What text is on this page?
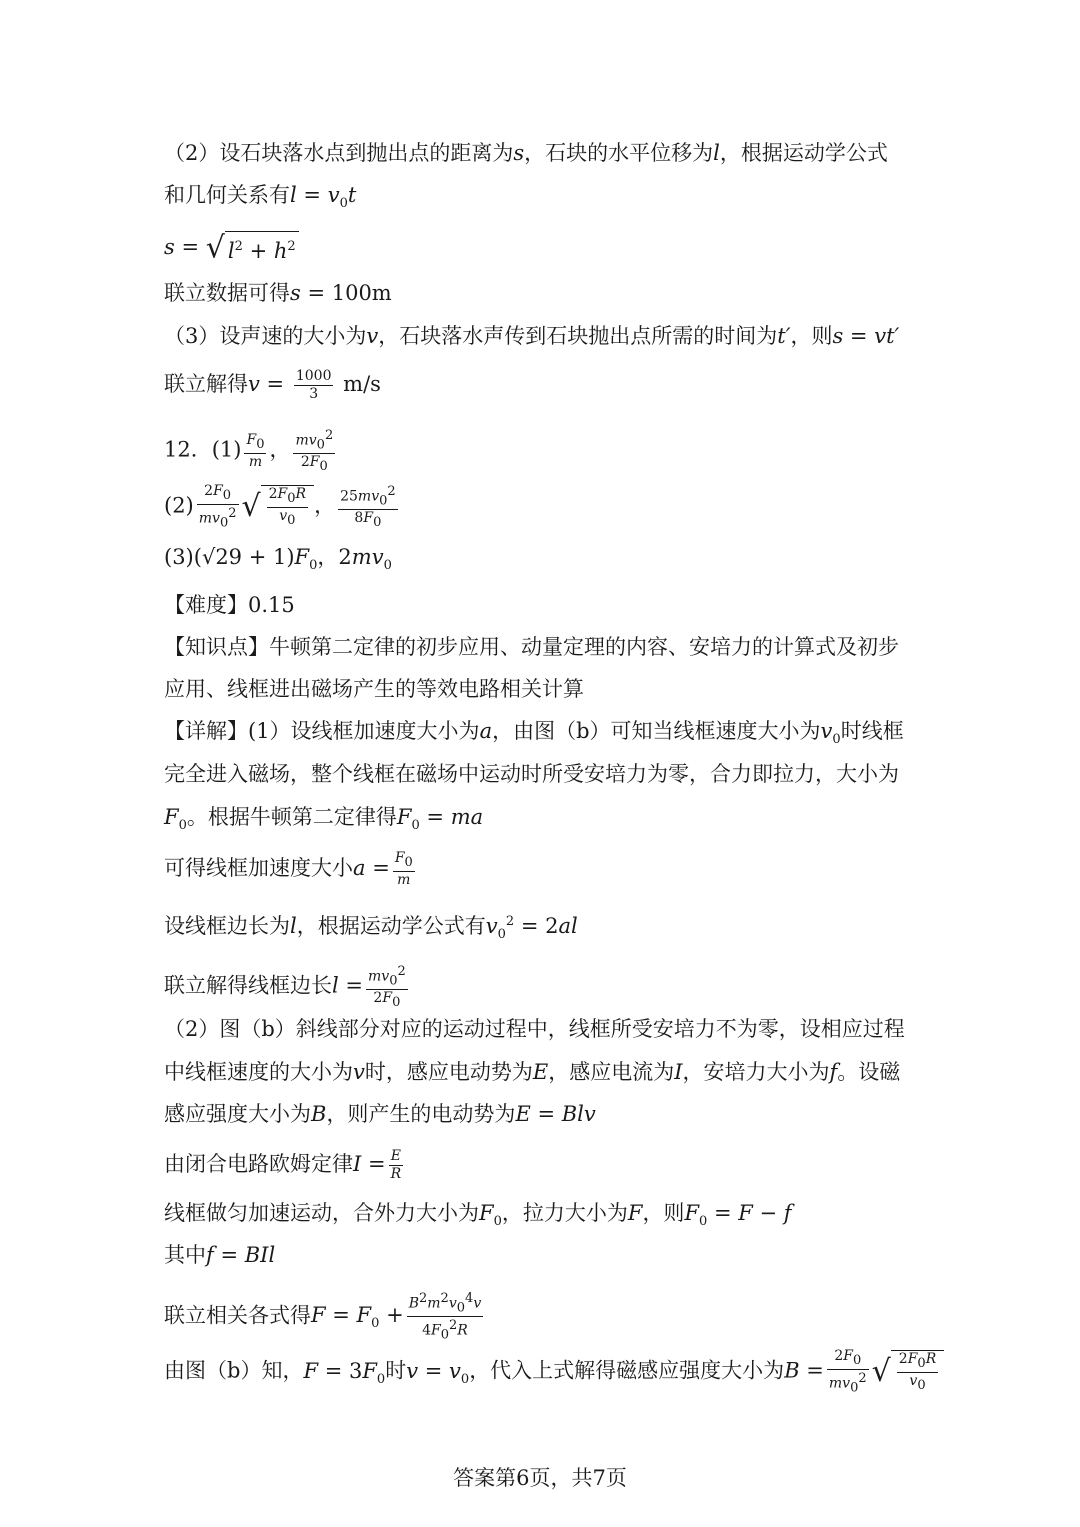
（2）设石块落水点到抛出点的距离为s，石块的水平位移为l，根据运动学公式
和几何关系有$l = v_0t$
s = √ $l^2 + h^2$
联立数据可得s = 100m
（3）设声速的大小为v，石块落水声传到石块抛出点所需的时间为t′，则s = vt′
联立解得$v = \frac{1000}{3} m/s$
12．$(1) \frac{F_0}{m}$ ， $\frac{mv_0^2}{2F_0}$
$(2) \frac{2F_0}{mv_0^2}$ √ $\frac{2F_0R}{v_0}$ ， $\frac{25mv_0^2}{8F_0}$
$(3)(√29 + 1)F_0$，$2mv_0$
【难度】0.15
【知识点】牛顿第二定律的初步应用、动量定理的内容、安培力的计算式及初步
应用、线框进出磁场产生的等效电路相关计算
【详解】(1）设线框加速度大小为a，由图（b）可知当线框速度大小为$v_0$时线框
完全进入磁场，整个线框在磁场中运动时所受安培力为零，合力即拉力，大小为
$F_0$。根据牛顿第二定律得$F_0$ = ma
可得线框加速度大小$a = \frac{F_0}{m}$
设线框边长为l，根据运动学公式有$v_0^2 = 2al$
联立解得线框边长$l = \frac{mv_0^2}{2F_0}$
（2）图（b）斜线部分对应的运动过程中，线框所受安培力不为零，设相应过程
中线框速度的大小为v时，感应电动势为E，感应电流为I，安培力大小为f。设磁
感应强度大小为B，则产生的电动势为E = Blv
由闭合电路欧姆定律$I = \frac{E}{R}$
线框做匀加速运动，合外力大小为$F_0$，拉力大小为F，则$F_0 = F - f$
其中f = BIl
联立相关各式得$F = F_0 + \frac{B^2m^2v_0^4v}{4F_0^2R}$
由图（b）知，$F = 3F_0$时$v = v_0$，代入上式解得磁感应强度大小为$B = \frac{2F_0}{mv_0^2}$ √ $\frac{2F_0R}{v_0}$
答案第6页，共7页
